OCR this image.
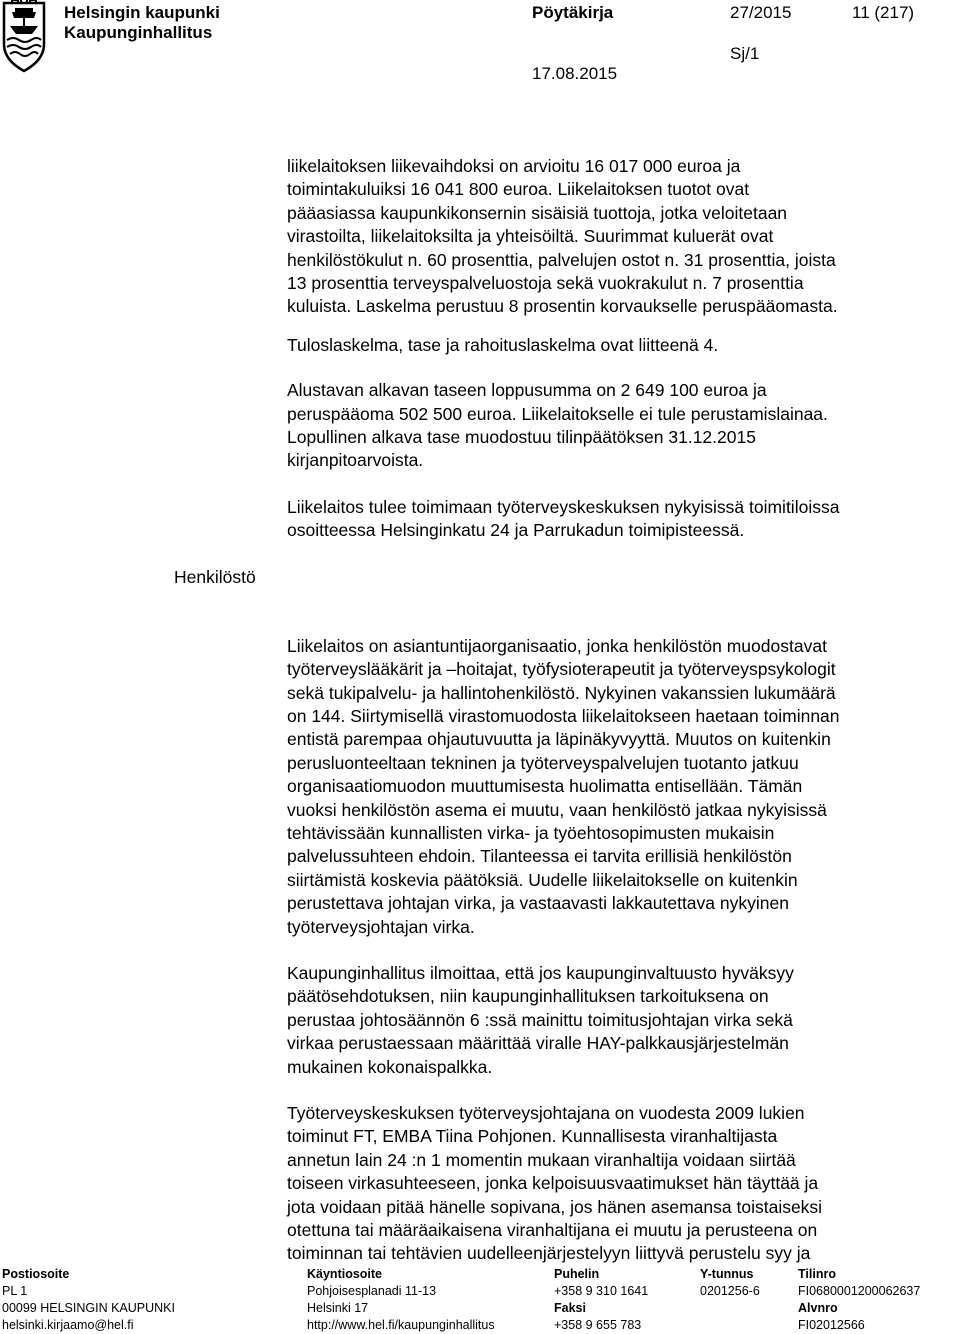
Helsingin kaupunki
Kaupunginhallitus
Pöytäkirja	27/2015	11 (217)
Sj/1
17.08.2015
Henkilöstö

liikelaitoksen liikevaihdoksi on arvioitu 16 017 000 euroa ja
toimintakuluiksi 16 041 800 euroa. Liikelaitoksen tuotot ovat
pääasiassa kaupunkikonsernin sisäisiä tuottoja, jotka veloitetaan
virastoilta, liikelaitoksilta ja yhteisöiltä. Suurimmat kuluerät ovat
henkilöstökulut n. 60 prosenttia, palvelujen ostot n. 31 prosenttia, joista
13 prosenttia terveyspalveluostoja sekä vuokrakulut n. 7 prosenttia
kuluista. Laskelma perustuu 8 prosentin korvaukselle peruspääomasta.

Tuloslaskelma, tase ja rahoituslaskelma ovat liitteenä 4.

Alustavan alkavan taseen loppusumma on 2 649 100 euroa ja
peruspääoma 502 500 euroa. Liikelaitokselle ei tule perustamislainaa.
Lopullinen alkava tase muodostuu tilinpäätöksen 31.12.2015
kirjanpitoarvoista.

Liikelaitos tulee toimimaan työterveyskeskuksen nykyisissä toimitiloissa
osoitteessa Helsinginkatu 24 ja Parrukadun toimipisteessä.

Liikelaitos on asiantuntijaorganisaatio, jonka henkilöstön muodostavat
työterveyslääkärit ja –hoitajat, työfysioterapeutit ja työterveyspsykologit
sekä tukipalvelu- ja hallintohenkilöstö. Nykyinen vakanssien lukumäärä
on 144. Siirtymisellä virastomuodosta liikelaitokseen haetaan toiminnan
entistä parempaa ohjautuvuutta ja läpinäkyvyyttä. Muutos on kuitenkin
perusluonteeltaan tekninen ja työterveyspalvelujen tuotanto jatkuu
organisaatiomuodon muuttumisesta huolimatta entisellään. Tämän
vuoksi henkilöstön asema ei muutu, vaan henkilöstö jatkaa nykyisissä
tehtävissään kunnallisten virka- ja työehtosopimusten mukaisin
palvelussuhteen ehdoin. Tilanteessa ei tarvita erillisiä henkilöstön
siirtämistä koskevia päätöksiä. Uudelle liikelaitokselle on kuitenkin
perustettava johtajan virka, ja vastaavasti lakkautettava nykyinen
työterveysjohtajan virka.

Kaupunginhallitus ilmoittaa, että jos kaupunginvaltuusto hyväksyy
päätösehdotuksen, niin kaupunginhallituksen tarkoituksena on
perustaa johtosäännön 6 :ssä mainittu toimitusjohtajan virka sekä
virkaa perustaessaan määrittää viralle HAY-palkkausjärjestelmän
mukainen kokonaispalkka.

Työterveyskeskuksen työterveysjohtajana on vuodesta 2009 lukien
toiminut FT, EMBA Tiina Pohjonen. Kunnallisesta viranhaltijasta
annetun lain 24 :n 1 momentin mukaan viranhaltija voidaan siirtää
toiseen virkasuhteeseen, jonka kelpoisuusvaatimukset hän täyttää ja
jota voidaan pitää hänelle sopivana, jos hänen asemansa toistaiseksi
otettuna tai määräaikaisena viranhaltijana ei muutu ja perusteena on
toiminnan tai tehtävien uudelleenjärjestelyyn liittyvä perustelu syy ja

Postiosoite
PL 1
00099 HELSINGIN KAUPUNKI
helsinki.kirjaamo@hel.fi
Käyntiosoite
Pohjoisesplanadi 11-13
Helsinki 17
http://www.hel.fi/kaupunginhallitus
Puhelin
+358 9 310 1641
Faksi
+358 9 655 783
Y-tunnus
0201256-6
Tilinro
FI0680001200062637
Alvnro
FI02012566
